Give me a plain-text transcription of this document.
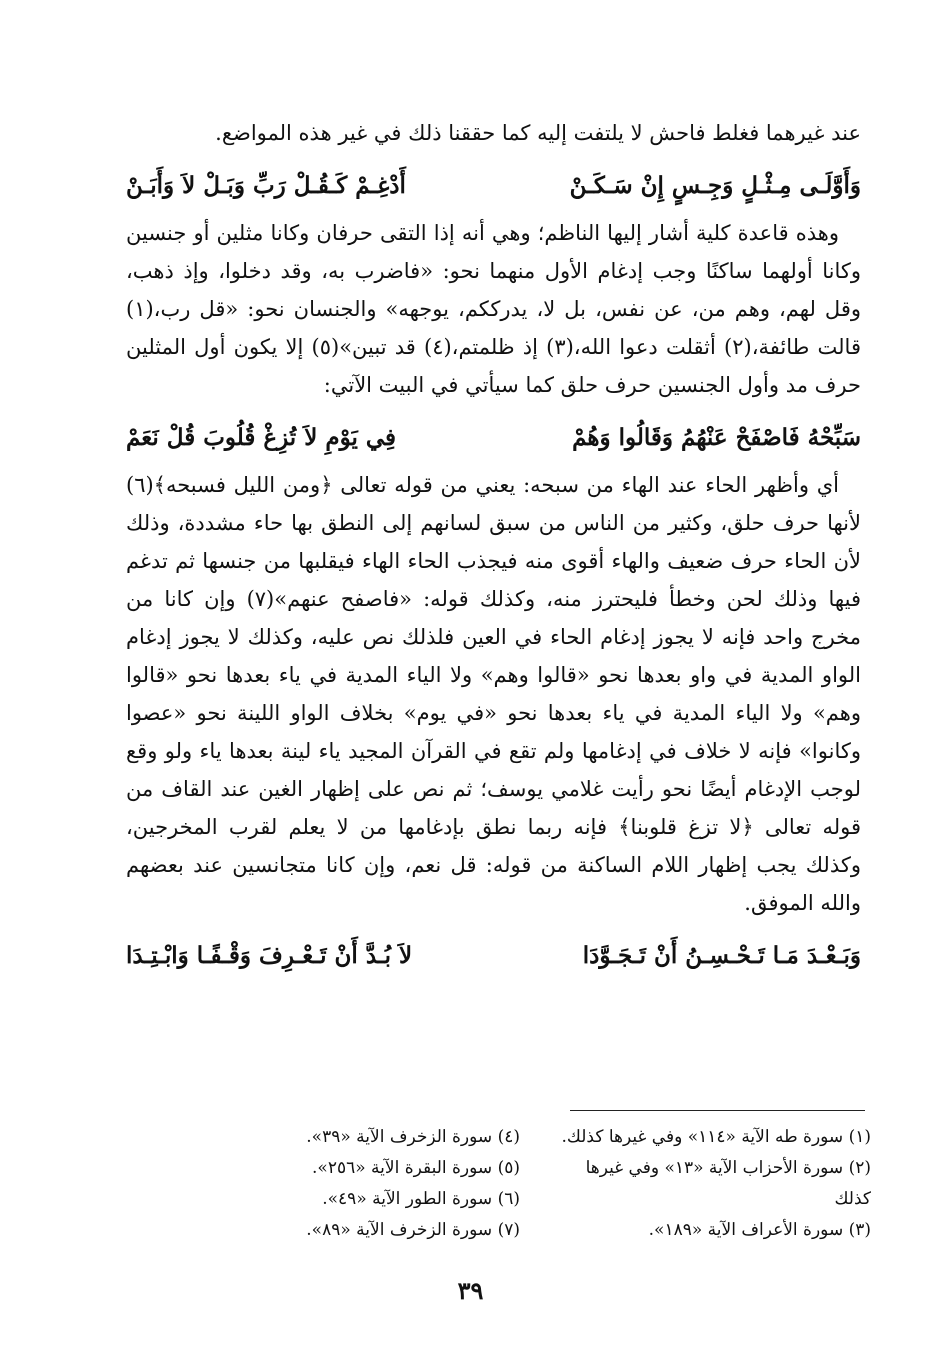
عند غيرهما فغلط فاحش لا يلتفت إليه كما حققنا ذلك في غير هذه المواضع.

وَأَوَّلَـى مِـثْـلٍ وَجِـسٍ إِنْ سَـكَـنْ
أَدْغِـمْ كَـقُـلْ رَبِّ وَبَـلْ لاَ وَأَبَـنْ

وهذه قاعدة كلية أشار إليها الناظم؛ وهي أنه إذا التقى حرفان وكانا مثلين أو جنسين وكانا أولهما ساكنًا وجب إدغام الأول منهما نحو: «فاضرب به، وقد دخلوا، وإذ ذهب، وقل لهم، وهم من، عن نفس، بل لا، يدرككم، يوجهه» والجنسان نحو: «قل رب،(١) قالت طائفة،(٢) أثقلت دعوا الله،(٣) إذ ظلمتم،(٤) قد تبين»(٥) إلا يكون أول المثلين حرف مد وأول الجنسين حرف حلق كما سيأتي في البيت الآتي:

سَبِّحْهُ فَاصْفَحْ عَنْهُمُ وَقَالُوا وَهُمْ
فِي يَوْمِ لاَ تُزِغْ قُلُوبَ قُلْ نَعَمْ

أي وأظهر الحاء عند الهاء من سبحه: يعني من قوله تعالى ﴿ومن الليل فسبحه﴾(٦) لأنها حرف حلق، وكثير من الناس من سبق لسانهم إلى النطق بها حاء مشددة، وذلك لأن الحاء حرف ضعيف والهاء أقوى منه فيجذب الحاء الهاء فيقلبها من جنسها ثم تدغم فيها وذلك لحن وخطأ فليحترز منه، وكذلك قوله: «فاصفح عنهم»(٧) وإن كانا من مخرج واحد فإنه لا يجوز إدغام الحاء في العين فلذلك نص عليه، وكذلك لا يجوز إدغام الواو المدية في واو بعدها نحو «قالوا وهم» ولا الياء المدية في ياء بعدها نحو «قالوا وهم» ولا الياء المدية في ياء بعدها نحو «في يوم» بخلاف الواو اللينة نحو «عصوا وكانوا» فإنه لا خلاف في إدغامها ولم تقع في القرآن المجيد ياء لينة بعدها ياء ولو وقع لوجب الإدغام أيضًا نحو رأيت غلامي يوسف؛ ثم نص على إظهار الغين عند القاف من قوله تعالى ﴿لا تزغ قلوبنا﴾ فإنه ربما نطق بإدغامها من لا يعلم لقرب المخرجين، وكذلك يجب إظهار اللام الساكنة من قوله: قل نعم، وإن كانا متجانسين عند بعضهم والله الموفق.

وَبَـعْـدَ مَـا تَـحْـسِـنُ أَنْ تَـجَـوَّدَا
لاَ بُـدَّ أَنْ تَـعْـرِفَ وَقْـفًـا وَابْـتِـدَا
(١) سورة طه الآية «١١٤» وفي غيرها كذلك.
(٢) سورة الأحزاب الآية «١٣» وفي غيرها كذلك
(٣) سورة الأعراف الآية «١٨٩».
(٤) سورة الزخرف الآية «٣٩».
(٥) سورة البقرة الآية «٢٥٦».
(٦) سورة الطور الآية «٤٩».
(٧) سورة الزخرف الآية «٨٩».
٣٩
